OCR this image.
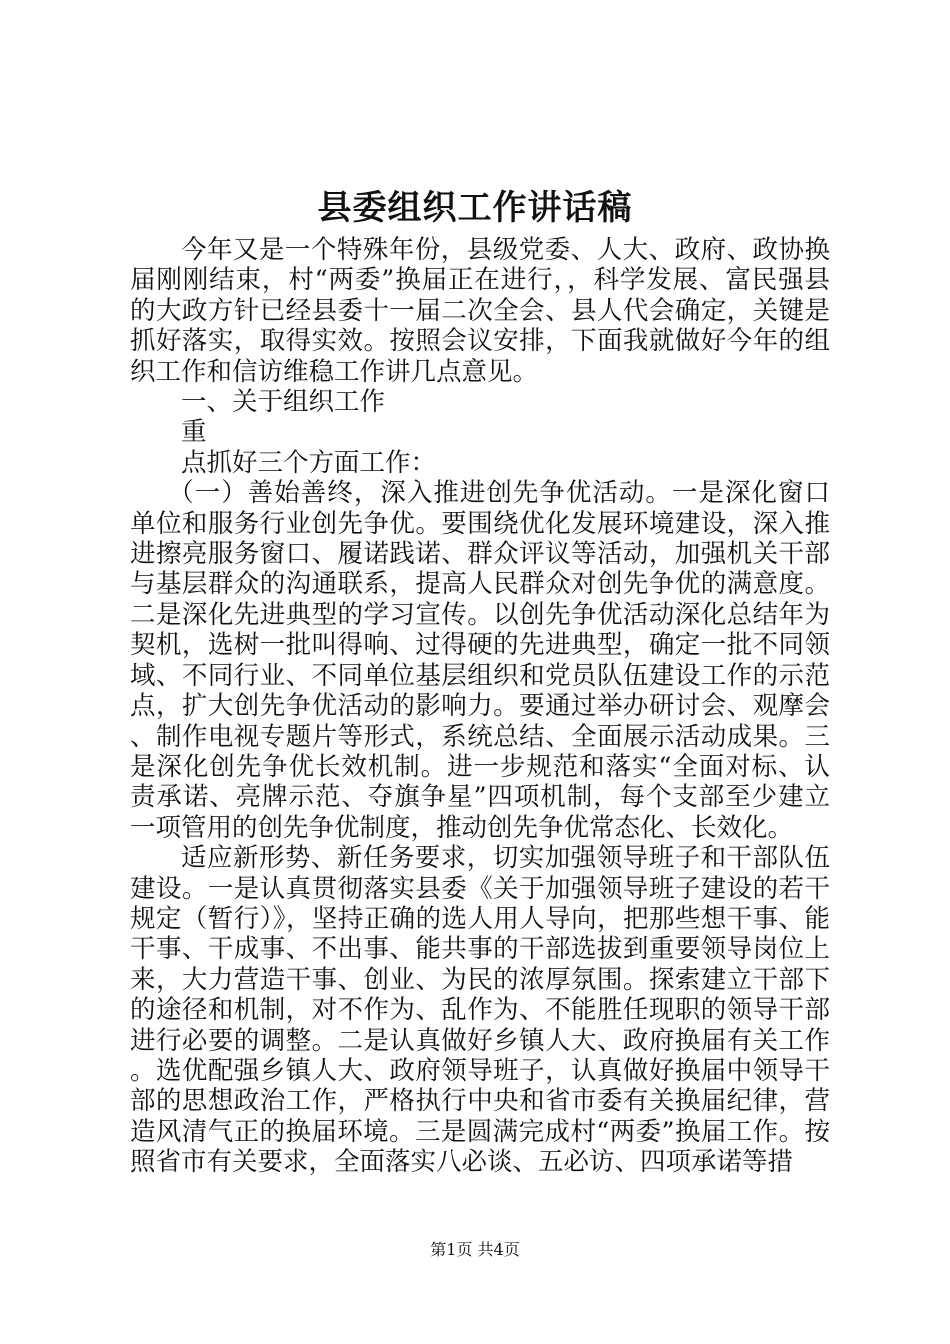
县委组织工作讲话稿

今年又是一个特殊年份，县级党委、人大、政府、政协换届刚刚结束，村“两委”换届正在进行，，科学发展、富民强县的大政方针已经县委十一届二次全会、县人代会确定，关键是抓好落实，取得实效。按照会议安排，下面我就做好今年的组织工作和信访维稳工作讲几点意见。

一、关于组织工作

重

点抓好三个方面工作：

（一）善始善终，深入推进创先争优活动。一是深化窗口单位和服务行业创先争优。要围绕优化发展环境建设，深入推进擦亮服务窗口、履诺践诺、群众评议等活动，加强机关干部与基层群众的沟通联系，提高人民群众对创先争优的满意度。二是深化先进典型的学习宣传。以创先争优活动深化总结年为契机，选树一批叫得响、过得硬的先进典型，确定一批不同领域、不同行业、不同单位基层组织和党员队伍建设工作的示范点，扩大创先争优活动的影响力。要通过举办研讨会、观摩会、制作电视专题片等形式，系统总结、全面展示活动成果。三是深化创先争优长效机制。进一步规范和落实“全面对标、认责承诺、亮牌示范、夺旗争星”四项机制，每个支部至少建立一项管用的创先争优制度，推动创先争优常态化、长效化。

适应新形势、新任务要求，切实加强领导班子和干部队伍建设。一是认真贯彻落实县委《关于加强领导班子建设的若干规定（暂行）》，坚持正确的选人用人导向，把那些想干事、能干事、干成事、不出事、能共事的干部选拔到重要领导岗位上来，大力营造干事、创业、为民的浓厚氛围。探索建立干部下的途径和机制，对不作为、乱作为、不能胜任现职的领导干部进行必要的调整。二是认真做好乡镇人大、政府换届有关工作。选优配强乡镇人大、政府领导班子，认真做好换届中领导干部的思想政治工作，严格执行中央和省市委有关换届纪律，营造风清气正的换届环境。三是圆满完成村“两委”换届工作。按照省市有关要求，全面落实八必谈、五必访、四项承诺等措

第1页 共4页
